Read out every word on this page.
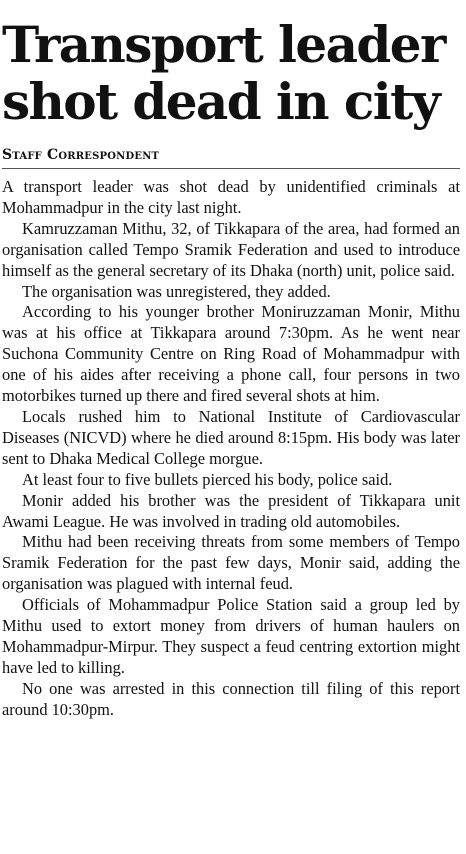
Transport leader
shot dead in city
Staff Correspondent

A transport leader was shot dead by unidentified criminals at Mohammadpur in the city last night.

Kamruzzaman Mithu, 32, of Tikkapara of the area, had formed an organisation called Tempo Sramik Federation and used to introduce himself as the general secretary of its Dhaka (north) unit, police said.

The organisation was unregistered, they added.

According to his younger brother Moniruzzaman Monir, Mithu was at his office at Tikkapara around 7:30pm. As he went near Suchona Community Centre on Ring Road of Mohammadpur with one of his aides after receiving a phone call, four persons in two motorbikes turned up there and fired several shots at him.

Locals rushed him to National Institute of Cardiovascular Diseases (NICVD) where he died around 8:15pm. His body was later sent to Dhaka Medical College morgue.

At least four to five bullets pierced his body, police said.

Monir added his brother was the president of Tikkapara unit Awami League. He was involved in trading old automobiles.

Mithu had been receiving threats from some members of Tempo Sramik Federation for the past few days, Monir said, adding the organisation was plagued with internal feud.

Officials of Mohammadpur Police Station said a group led by Mithu used to extort money from drivers of human haulers on Mohammadpur-Mirpur. They suspect a feud centring extortion might have led to killing.

No one was arrested in this connection till filing of this report around 10:30pm.
